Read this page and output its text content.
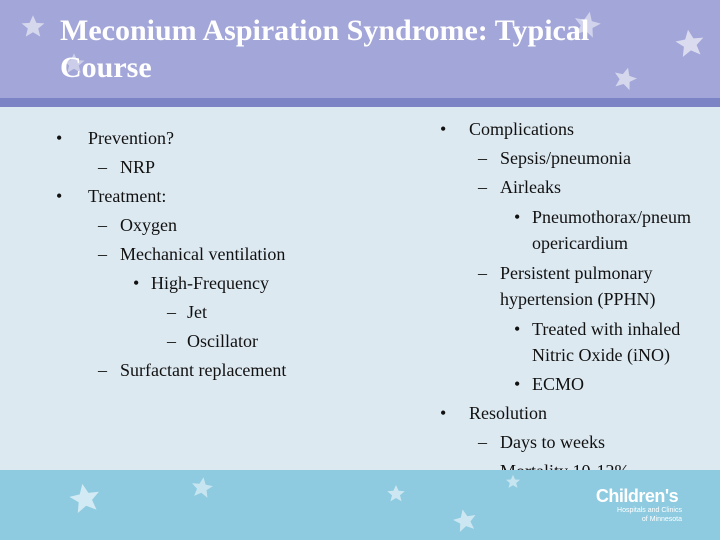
Meconium Aspiration Syndrome: Typical Course
• Prevention?
– NRP
• Treatment:
– Oxygen
– Mechanical ventilation
• High-Frequency
– Jet
– Oscillator
– Surfactant replacement
• Complications
– Sepsis/pneumonia
– Airleaks
• Pneumothorax/pneum opericardium
– Persistent pulmonary hypertension (PPHN)
• Treated with inhaled Nitric Oxide (iNO)
• ECMO
• Resolution
– Days to weeks
Children's
Hospitals and Clinics
of Minnesota
